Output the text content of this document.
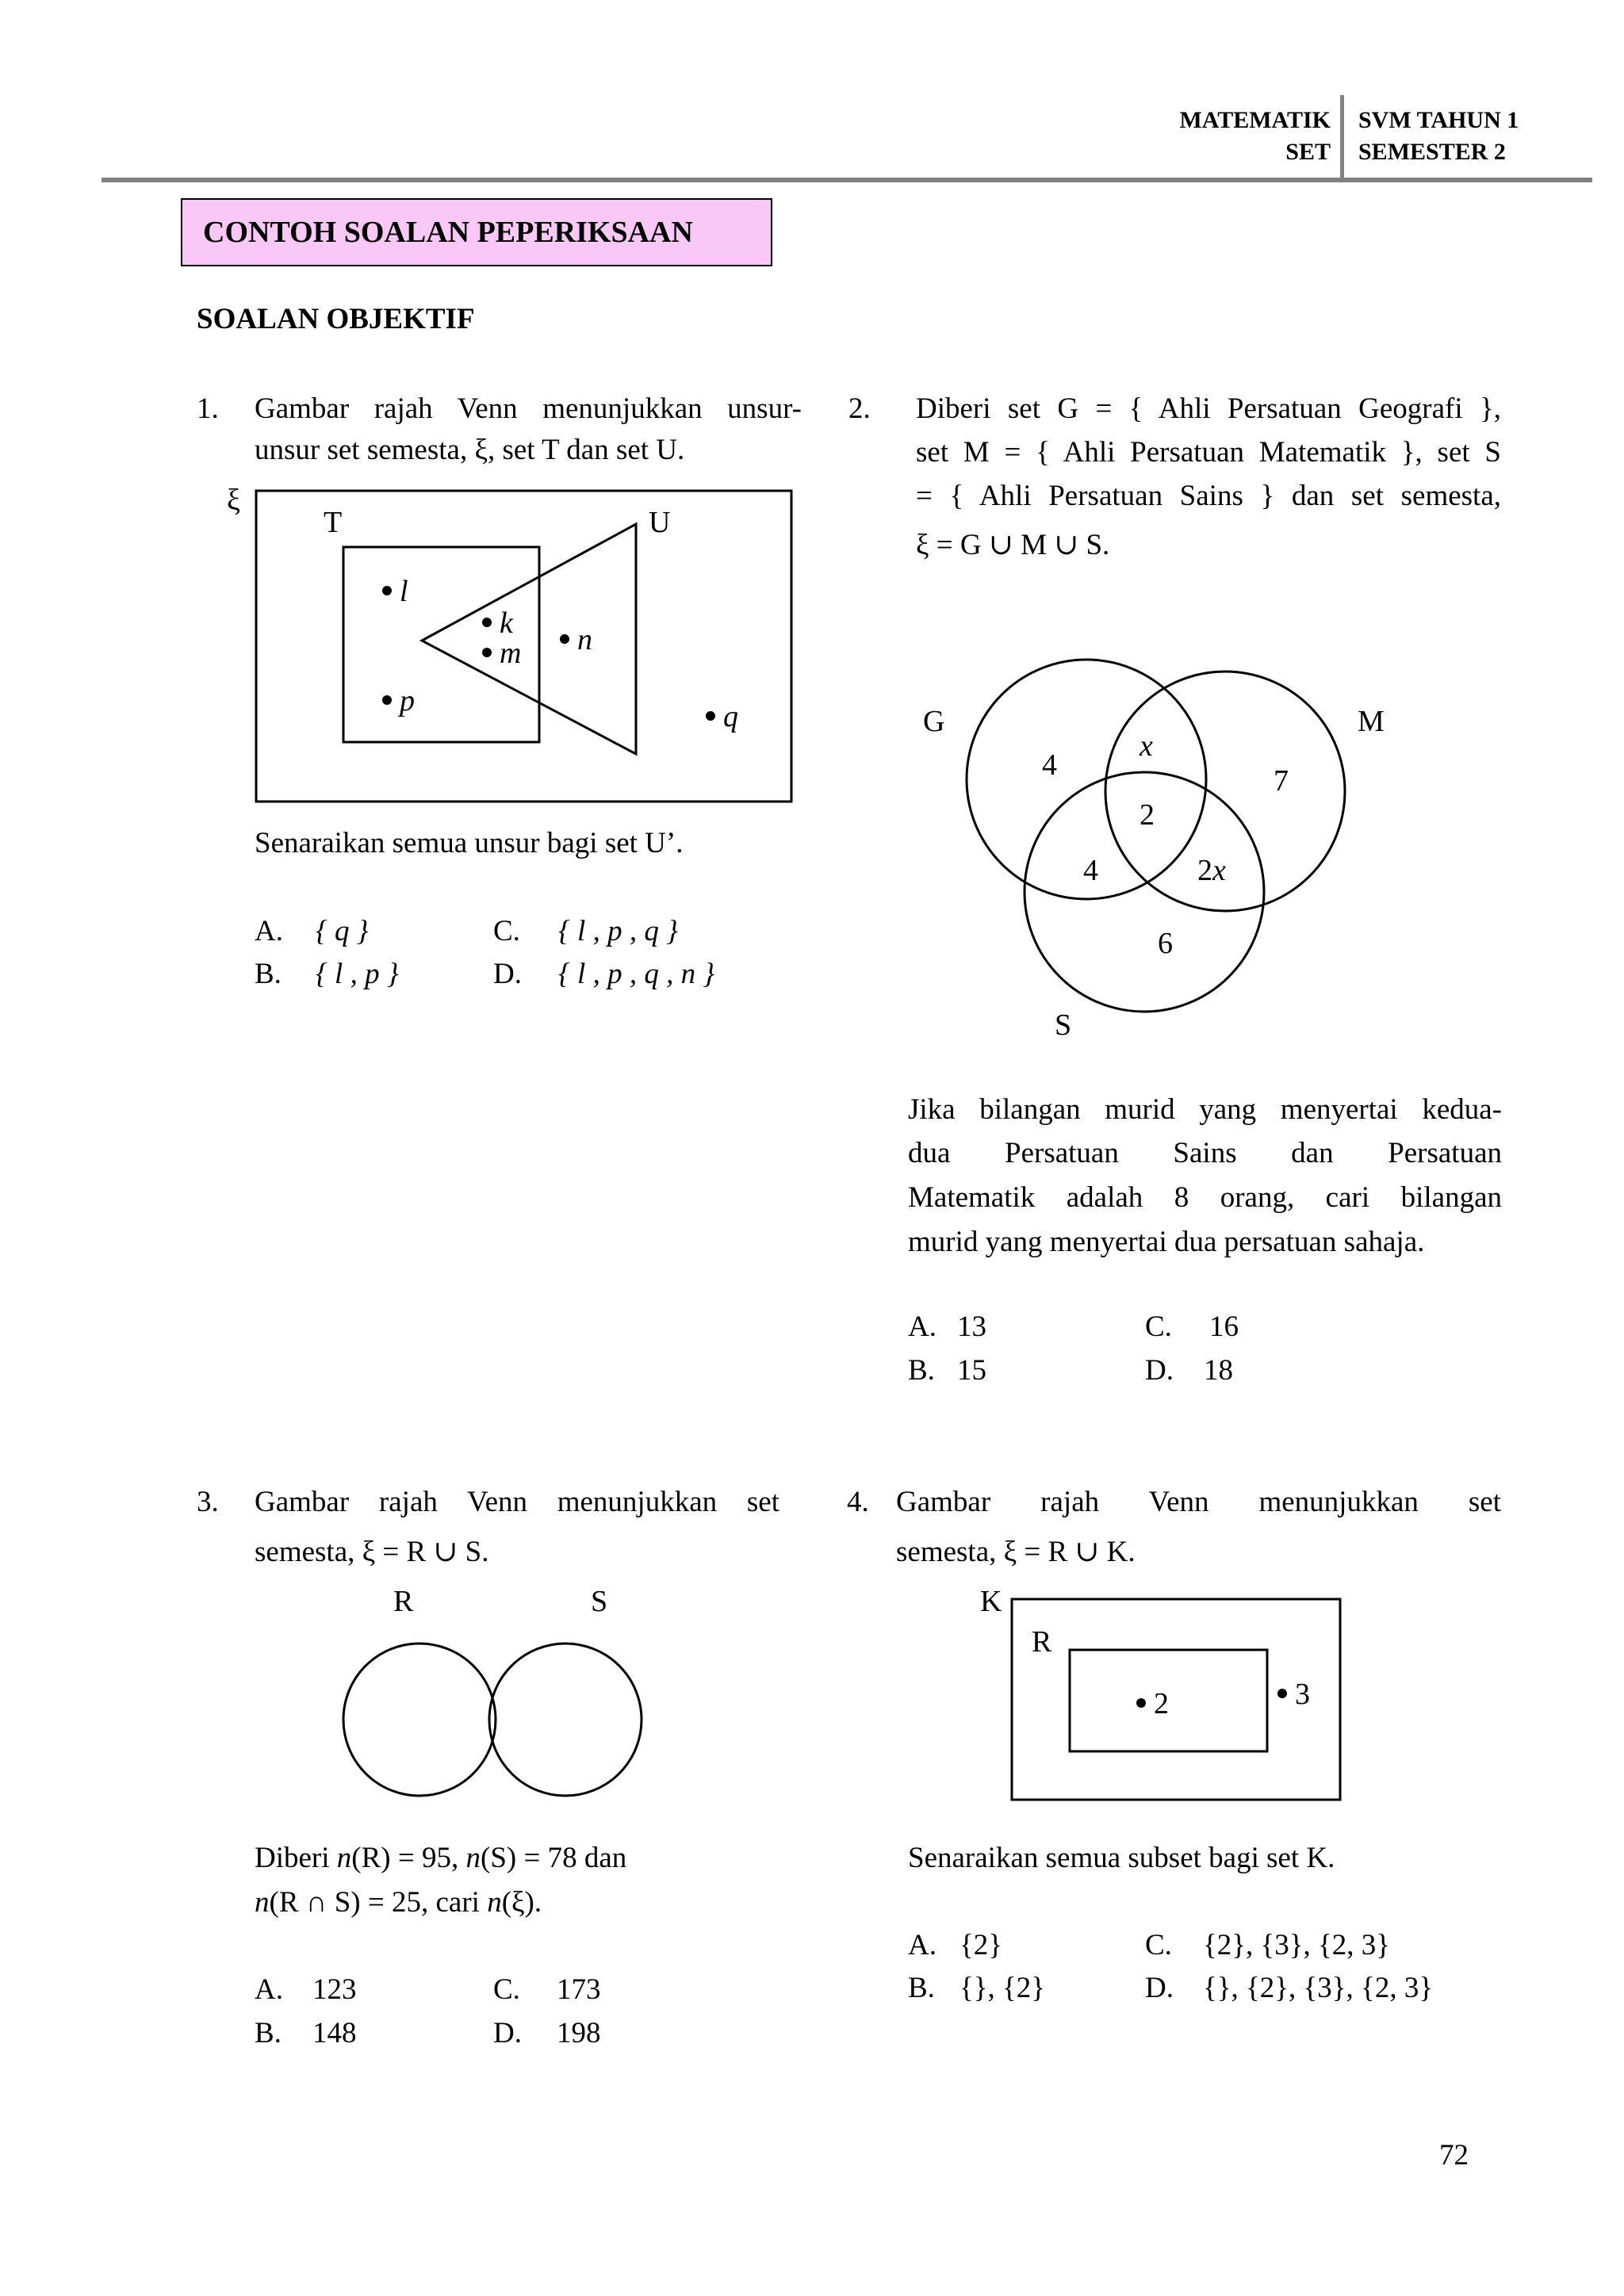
MATEMATIK
SET
SVM TAHUN 1
SEMESTER 2
CONTOH SOALAN PEPERIKSAAN
SOALAN OBJEKTIF
1. Gambar rajah Venn menunjukkan unsur-
unsur set semesta, ξ, set T dan set U.
ξ
T	U
l
k
m n
p	q
Senaraikan semua unsur bagi set U’.
A. { q }
B. { l , p }
C. { l , p , q }
D. { l , p , q , n }
2. Diberi set G = { Ahli Persatuan Geografi },
set M = { Ahli Persatuan Matematik }, set S
= { Ahli Persatuan Sains } dan set semesta,
ξ = G ∪ M ∪ S.
G	M
S
4
x
7
2
4	2x
6
Jika bilangan murid yang menyertai kedua-
dua Persatuan Sains dan Persatuan
Matematik adalah 8 orang, cari bilangan
murid yang menyertai dua persatuan sahaja.
A. 13
B. 15
C. 16
D. 18
3. Gambar rajah Venn menunjukkan set
semesta, ξ = R ∪ S.
R	S
Diberi n(R) = 95, n(S) = 78 dan
n(R ∩ S) = 25, cari n(ξ).
A. 123
B. 148
C. 173
D. 198
4. Gambar rajah Venn menunjukkan set
semesta, ξ = R ∪ K.
K
R
2	3
Senaraikan semua subset bagi set K.
A. {2}
B. {}, {2}
C. {2}, {3}, {2, 3}
D. {}, {2}, {3}, {2, 3}
72
